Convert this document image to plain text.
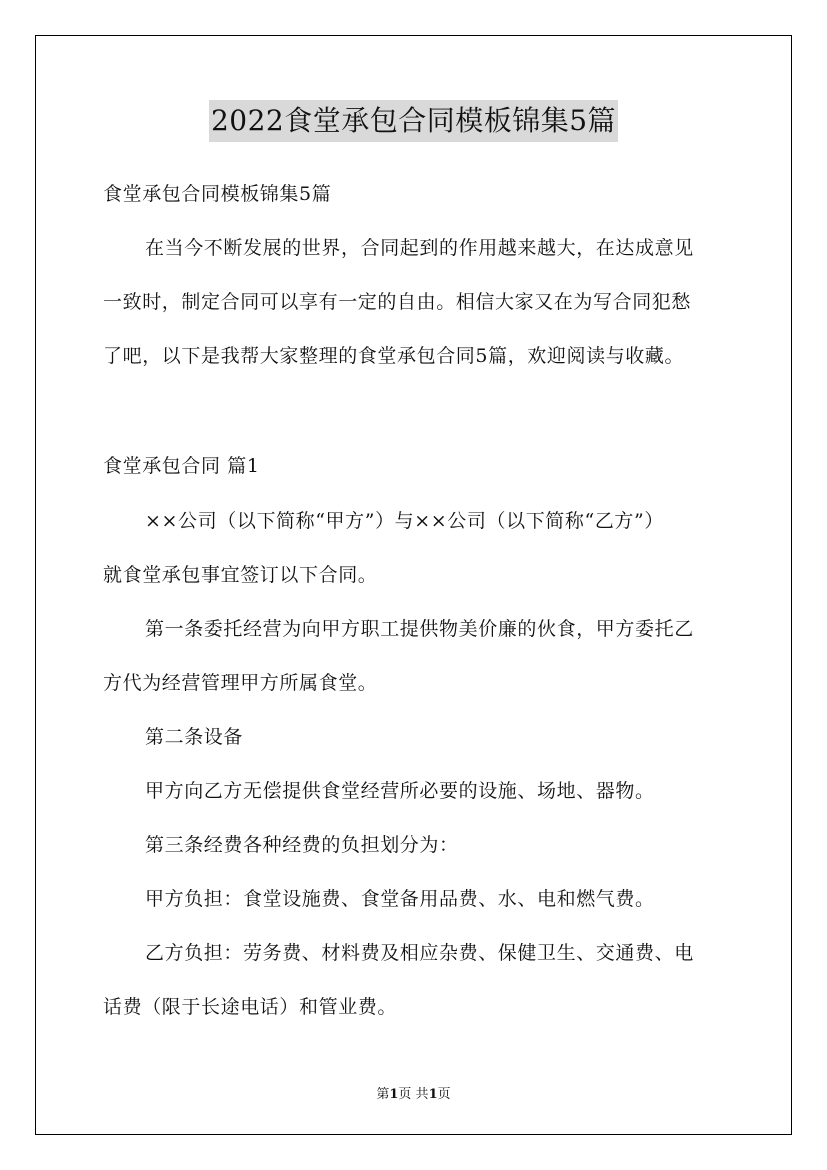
2022食堂承包合同模板锦集5篇
食堂承包合同模板锦集5篇
在当今不断发展的世界，合同起到的作用越来越大，在达成意见
一致时，制定合同可以享有一定的自由。相信大家又在为写合同犯愁
了吧，以下是我帮大家整理的食堂承包合同5篇，欢迎阅读与收藏。
食堂承包合同 篇1
××公司（以下简称“甲方”）与××公司（以下简称“乙方”）
就食堂承包事宜签订以下合同。
第一条委托经营为向甲方职工提供物美价廉的伙食，甲方委托乙
方代为经营管理甲方所属食堂。
第二条设备
甲方向乙方无偿提供食堂经营所必要的设施、场地、器物。
第三条经费各种经费的负担划分为：
甲方负担：食堂设施费、食堂备用品费、水、电和燃气费。
乙方负担：劳务费、材料费及相应杂费、保健卫生、交通费、电
话费（限于长途电话）和管业费。
第1页 共1页
